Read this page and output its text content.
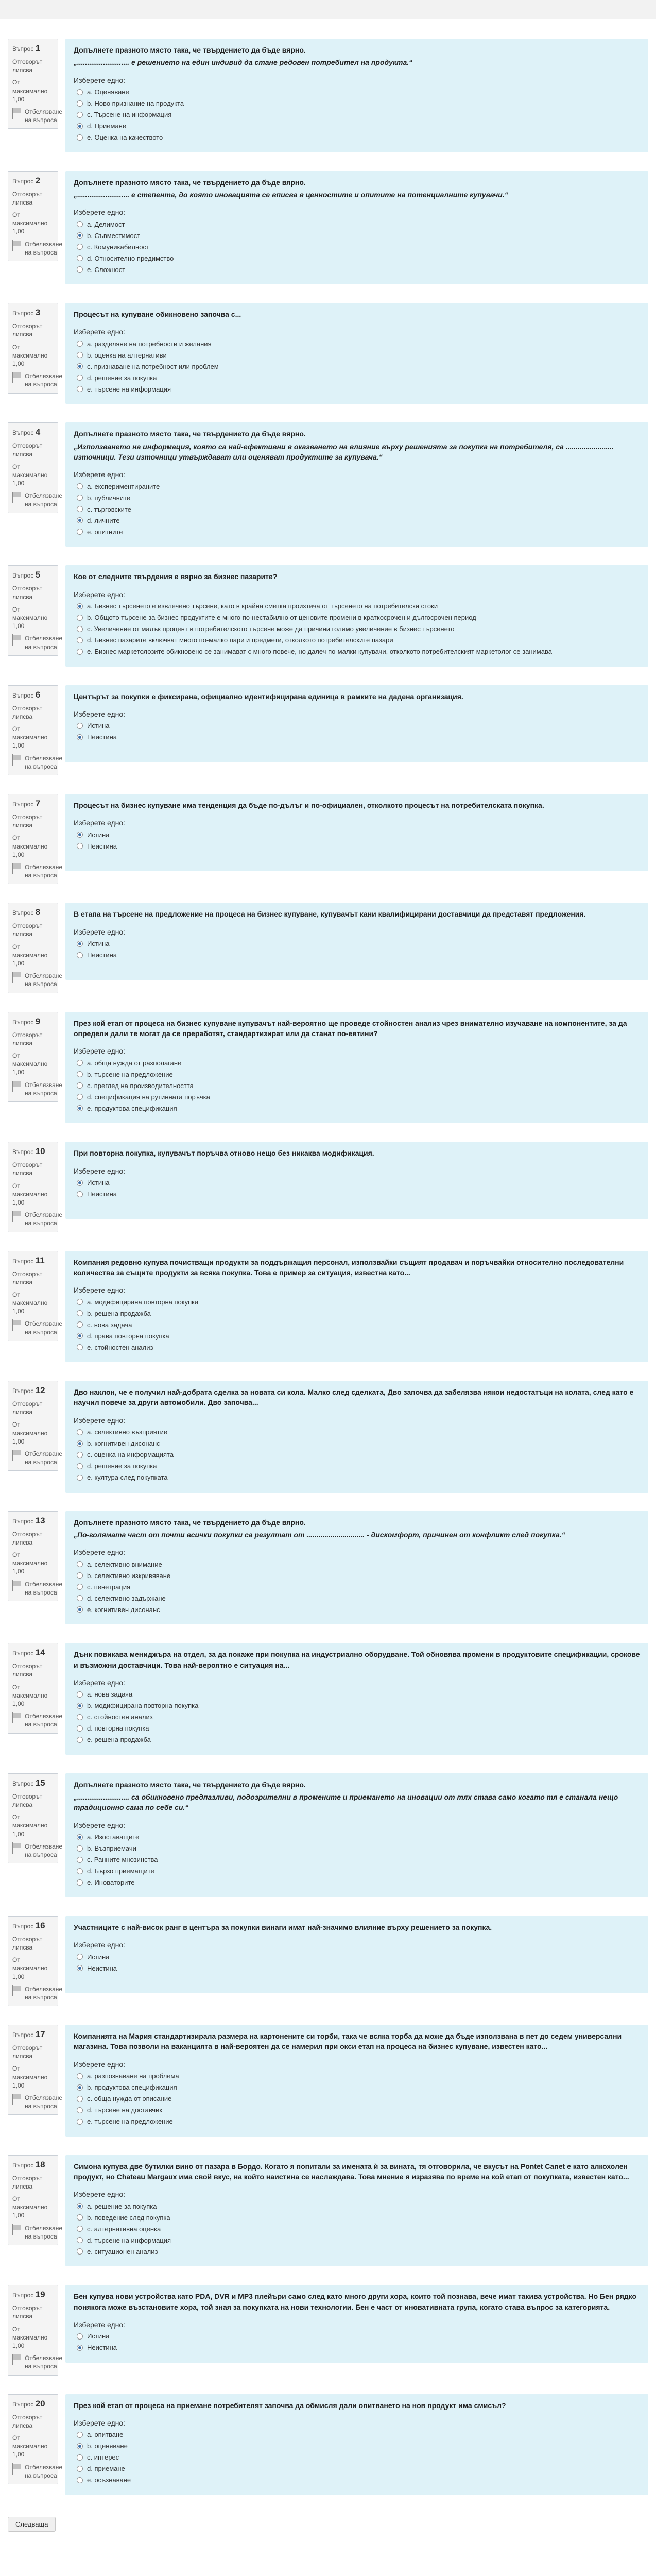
Въпрос 1
Отговорът липсва
От максимално 1,00
Отбелязване на въпроса
Допълнете празното място така, че твърдението да бъде вярно.
„.......................... е решението на един индивид да стане редовен потребител на продукта.“
Изберете едно:
a. Оценяване
b. Ново признание на продукта
c. Търсене на информация
d. Приемане
e. Оценка на качеството
Въпрос 2
Отговорът липсва
От максимално 1,00
Отбелязване на въпроса
Допълнете празното място така, че твърдението да бъде вярно.
„.......................... е степента, до която иновацията се вписва в ценностите и опитите на потенциалните купувачи.“
Изберете едно:
a. Делимост
b. Съвместимост
c. Комуникабилност
d. Относително предимство
e. Сложност
Въпрос 3
Отговорът липсва
От максимално 1,00
Отбелязване на въпроса
Процесът на купуване обикновено започва с...
Изберете едно:
a. разделяне на потребности и желания
b. оценка на алтернативи
c. признаване на потребност или проблем
d. решение за покупка
e. търсене на информация
Въпрос 4
Отговорът липсва
От максимално 1,00
Отбелязване на въпроса
Допълнете празното място така, че твърдението да бъде вярно.
„Използването на информация, която са най-ефективни в оказването на влияние върху решенията за покупка на потребителя, са ........................ източници. Тези източници утвърждават или оценяват продуктите за купувача.“
Изберете едно:
a. експериментираните
b. публичните
c. търговските
d. личните
e. опитните
Въпрос 5
Отговорът липсва
От максимално 1,00
Отбелязване на въпроса
Кое от следните твърдения е вярно за бизнес пазарите?
Изберете едно:
a. Бизнес търсенето е извлечено търсене, като в крайна сметка произтича от търсенето на потребителски стоки
b. Общото търсене за бизнес продуктите е много по-нестабилно от ценовите промени в краткосрочен и дългосрочен период
c. Увеличение от малък процент в потребителското търсене може да причини голямо увеличение в бизнес търсенето
d. Бизнес пазарите включват много по-малко пари и предмети, отколкото потребителските пазари
e. Бизнес маркетолозите обикновено се занимават с много повече, но далеч по-малки купувачи, отколкото потребителският маркетолог се занимава
Въпрос 6
Отговорът липсва
От максимално 1,00
Отбелязване на въпроса
Центърът за покупки е фиксирана, официално идентифицирана единица в рамките на дадена организация.
Изберете едно:
Истина
Неистина
Въпрос 7
Отговорът липсва
От максимално 1,00
Отбелязване на въпроса
Процесът на бизнес купуване има тенденция да бъде по-дълъг и по-официален, отколкото процесът на потребителската покупка.
Изберете едно:
Истина
Неистина
Въпрос 8
Отговорът липсва
От максимално 1,00
Отбелязване на въпроса
В етапа на търсене на предложение на процеса на бизнес купуване, купувачът кани квалифицирани доставчици да представят предложения.
Изберете едно:
Истина
Неистина
Въпрос 9
Отговорът липсва
От максимално 1,00
Отбелязване на въпроса
През кой етап от процеса на бизнес купуване купувачът най-вероятно ще проведе стойностен анализ чрез внимателно изучаване на компонентите, за да определи дали те могат да се преработят, стандартизират или да станат по-евтини?
Изберете едно:
a. обща нужда от разполагане
b. търсене на предложение
c. преглед на производителността
d. спецификация на рутинната поръчка
e. продуктова спецификация
Въпрос 10
Отговорът липсва
От максимално 1,00
Отбелязване на въпроса
При повторна покупка, купувачът поръчва отново нещо без никаква модификация.
Изберете едно:
Истина
Неистина
Въпрос 11
Отговорът липсва
От максимално 1,00
Отбелязване на въпроса
Компания редовно купува почистващи продукти за поддържащия персонал, използвайки същият продавач и поръчвайки относително последователни количества за същите продукти за всяка покупка. Това е пример за ситуация, известна като...
Изберете едно:
a. модифицирана повторна покупка
b. решена продажба
c. нова задача
d. права повторна покупка
e. стойностен анализ
Въпрос 12
Отговорът липсва
От максимално 1,00
Отбелязване на въпроса
Дво наклон, че е получил най-добрата сделка за новата си кола. Малко след сделката, Дво започва да забелязва някои недостатъци на колата, след като е научил повече за други автомобили. Дво започва...
Изберете едно:
a. селективно възприятие
b. когнитивен дисонанс
c. оценка на информацията
d. решение за покупка
e. култура след покупката
Въпрос 13
Отговорът липсва
От максимално 1,00
Отбелязване на въпроса
Допълнете празното място така, че твърдението да бъде вярно.
„По-голямата част от почти всички покупки са резултат от ............................. - дискомфорт, причинен от конфликт след покупка.“
Изберете едно:
a. селективно внимание
b. селективно изкривяване
c. пенетрация
d. селективно задържане
e. когнитивен дисонанс
Въпрос 14
Отговорът липсва
От максимално 1,00
Отбелязване на въпроса
Дънк повикава мениджъра на отдел, за да покаже при покупка на индустриално оборудване. Той обновява промени в продуктовите спецификации, срокове и възможни доставчици. Това най-вероятно е ситуация на...
Изберете едно:
a. нова задача
b. модифицирана повторна покупка
c. стойностен анализ
d. повторна покупка
e. решена продажба
Въпрос 15
Отговорът липсва
От максимално 1,00
Отбелязване на въпроса
Допълнете празното място така, че твърдението да бъде вярно.
„.......................... са обикновено предпазливи, подозрителни в промените и приемането на иновации от тях става само когато тя е станала нещо традиционно сама по себе си.“
Изберете едно:
a. Изоставащите
b. Възприемачи
c. Ранните мнозинства
d. Бързо приемащите
e. Иноваторите
Въпрос 16
Отговорът липсва
От максимално 1,00
Отбелязване на въпроса
Участниците с най-висок ранг в центъра за покупки винаги имат най-значимо влияние върху решението за покупка.
Изберете едно:
Истина
Неистина
Въпрос 17
Отговорът липсва
От максимално 1,00
Отбелязване на въпроса
Компанията на Мария стандартизирала размера на картонените си торби, така че всяка торба да може да бъде използвана в пет до седем универсални магазина. Това позволи на ваканцията в най-вероятен да се намерил при окси етап на процеса на бизнес купуване, известен като...
Изберете едно:
a. разпознаване на проблема
b. продуктова спецификация
c. обща нужда от описание
d. търсене на доставчик
e. търсене на предложение
Въпрос 18
Отговорът липсва
От максимално 1,00
Отбелязване на въпроса
Симона купува две бутилки вино от пазара в Бордо. Когато я попитали за имената ѝ за вината, тя отговорила, че вкусът на Pontet Canet е като алкохолен продукт, но Chateau Margaux има свой вкус, на който наистина се наслаждава. Това мнение я изразява по време на кой етап от покупката, известен като...
Изберете едно:
a. решение за покупка
b. поведение след покупка
c. алтернативна оценка
d. търсене на информация
e. ситуационен анализ
Въпрос 19
Отговорът липсва
От максимално 1,00
Отбелязване на въпроса
Бен купува нови устройства като PDA, DVR и MP3 плейъри само след като много други хора, които той познава, вече имат такива устройства. Но Бен рядко понякога може възстановите хора, той зная за покупката на нови технологии. Бен е част от иновативната група, когато става въпрос за категорията.
Изберете едно:
Истина
Неистина
Въпрос 20
Отговорът липсва
От максимално 1,00
Отбелязване на въпроса
През кой етап от процеса на приемане потребителят започва да обмисля дали опитването на нов продукт има смисъл?
Изберете едно:
a. опитване
b. оценяване
c. интерес
d. приемане
e. осъзнаване
Следваща
